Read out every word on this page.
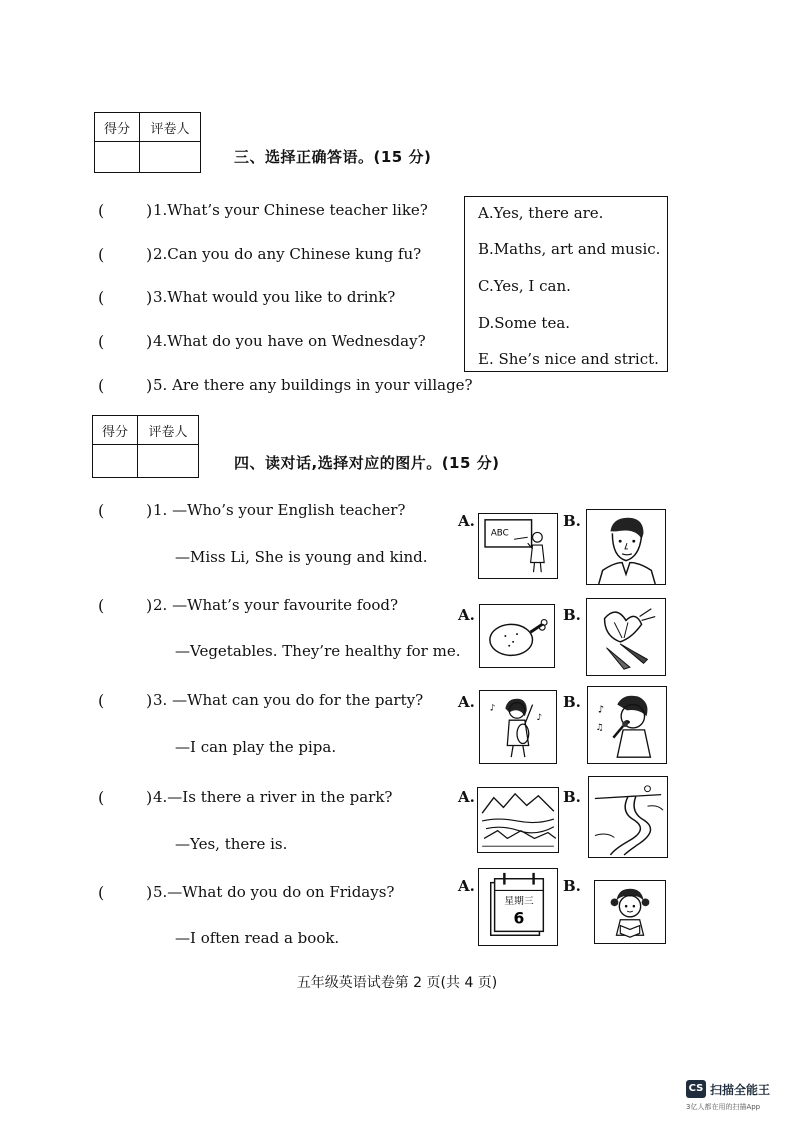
得分	评卷人

三、选择正确答语。(15 分)
(	) 1.What’s your Chinese teacher like?
(	) 2.Can you do any Chinese kung fu?
(	) 3.What would you like to drink?
(	) 4.What do you have on Wednesday?
(	) 5. Are there any buildings in your village?
A.Yes, there are.
B.Maths, art and music.
C.Yes, I can.
D.Some tea.
E. She’s nice and strict.
得分	评卷人

四、读对话,选择对应的图片。(15 分)
(	) 1. —Who’s your English teacher?
—Miss Li, She is young and kind.
(	) 2. —What’s your favourite food?
—Vegetables. They’re healthy for me.
(	) 3. —What can you do for the party?
—I can play the pipa.
(	) 4.—Is there a river in the park?
—Yes, there is.
(	) 5.—What do you do on Fridays?
—I often read a book.
A.
ABC
B.
A.	B.
A. ♪
♪
B. ♪
♫
A.	B.
A.
星期三
6
B.
五年级英语试卷第 2 页(共 4 页)
CS 扫描全能王
3亿人都在用的扫描App
